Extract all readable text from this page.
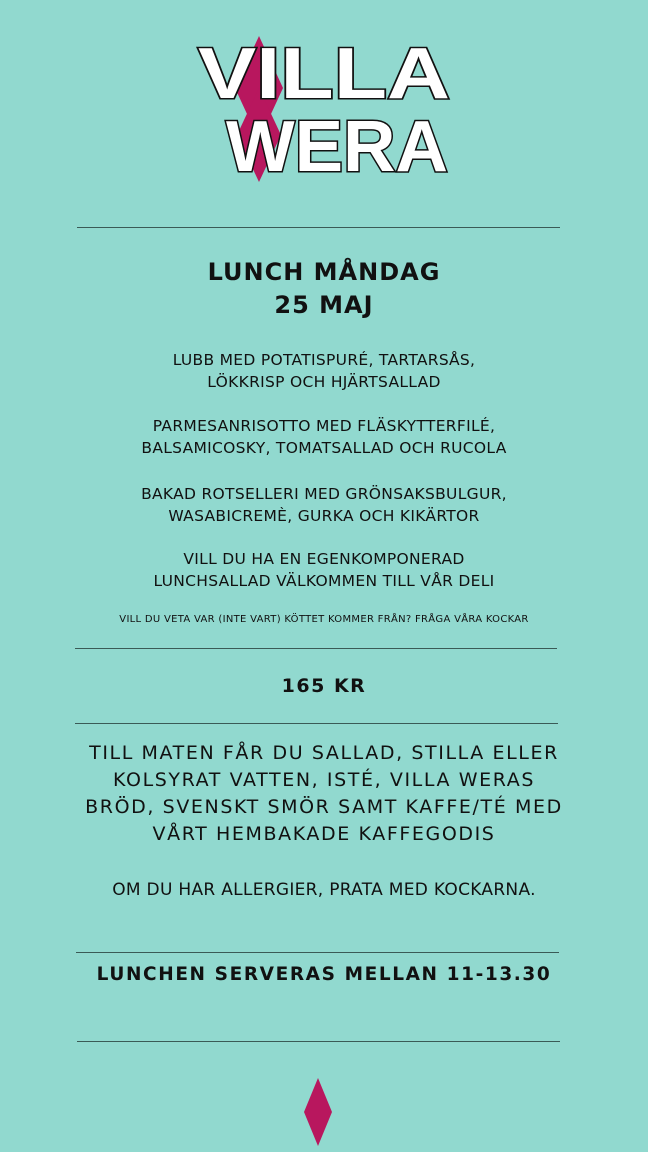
VILLA
WERA
LUNCH MÅNDAG
25 MAJ
LUBB MED POTATISPURÉ, TARTARSÅS,
LÖKKRISP OCH HJÄRTSALLAD
PARMESANRISOTTO MED FLÄSKYTTERFILÉ,
BALSAMICOSKY, TOMATSALLAD OCH RUCOLA
BAKAD ROTSELLERI MED GRÖNSAKSBULGUR,
WASABICREMÈ, GURKA OCH KIKÄRTOR
VILL DU HA EN EGENKOMPONERAD
LUNCHSALLAD VÄLKOMMEN TILL VÅR DELI
VILL DU VETA VAR (INTE VART) KÖTTET KOMMER FRÅN? FRÅGA VÅRA KOCKAR
165 KR
TILL MATEN FÅR DU SALLAD, STILLA ELLER
KOLSYRAT VATTEN, ISTÉ, VILLA WERAS
BRÖD, SVENSKT SMÖR SAMT KAFFE/TÉ MED
VÅRT HEMBAKADE KAFFEGODIS
OM DU HAR ALLERGIER, PRATA MED KOCKARNA.
LUNCHEN SERVERAS MELLAN 11-13.30
